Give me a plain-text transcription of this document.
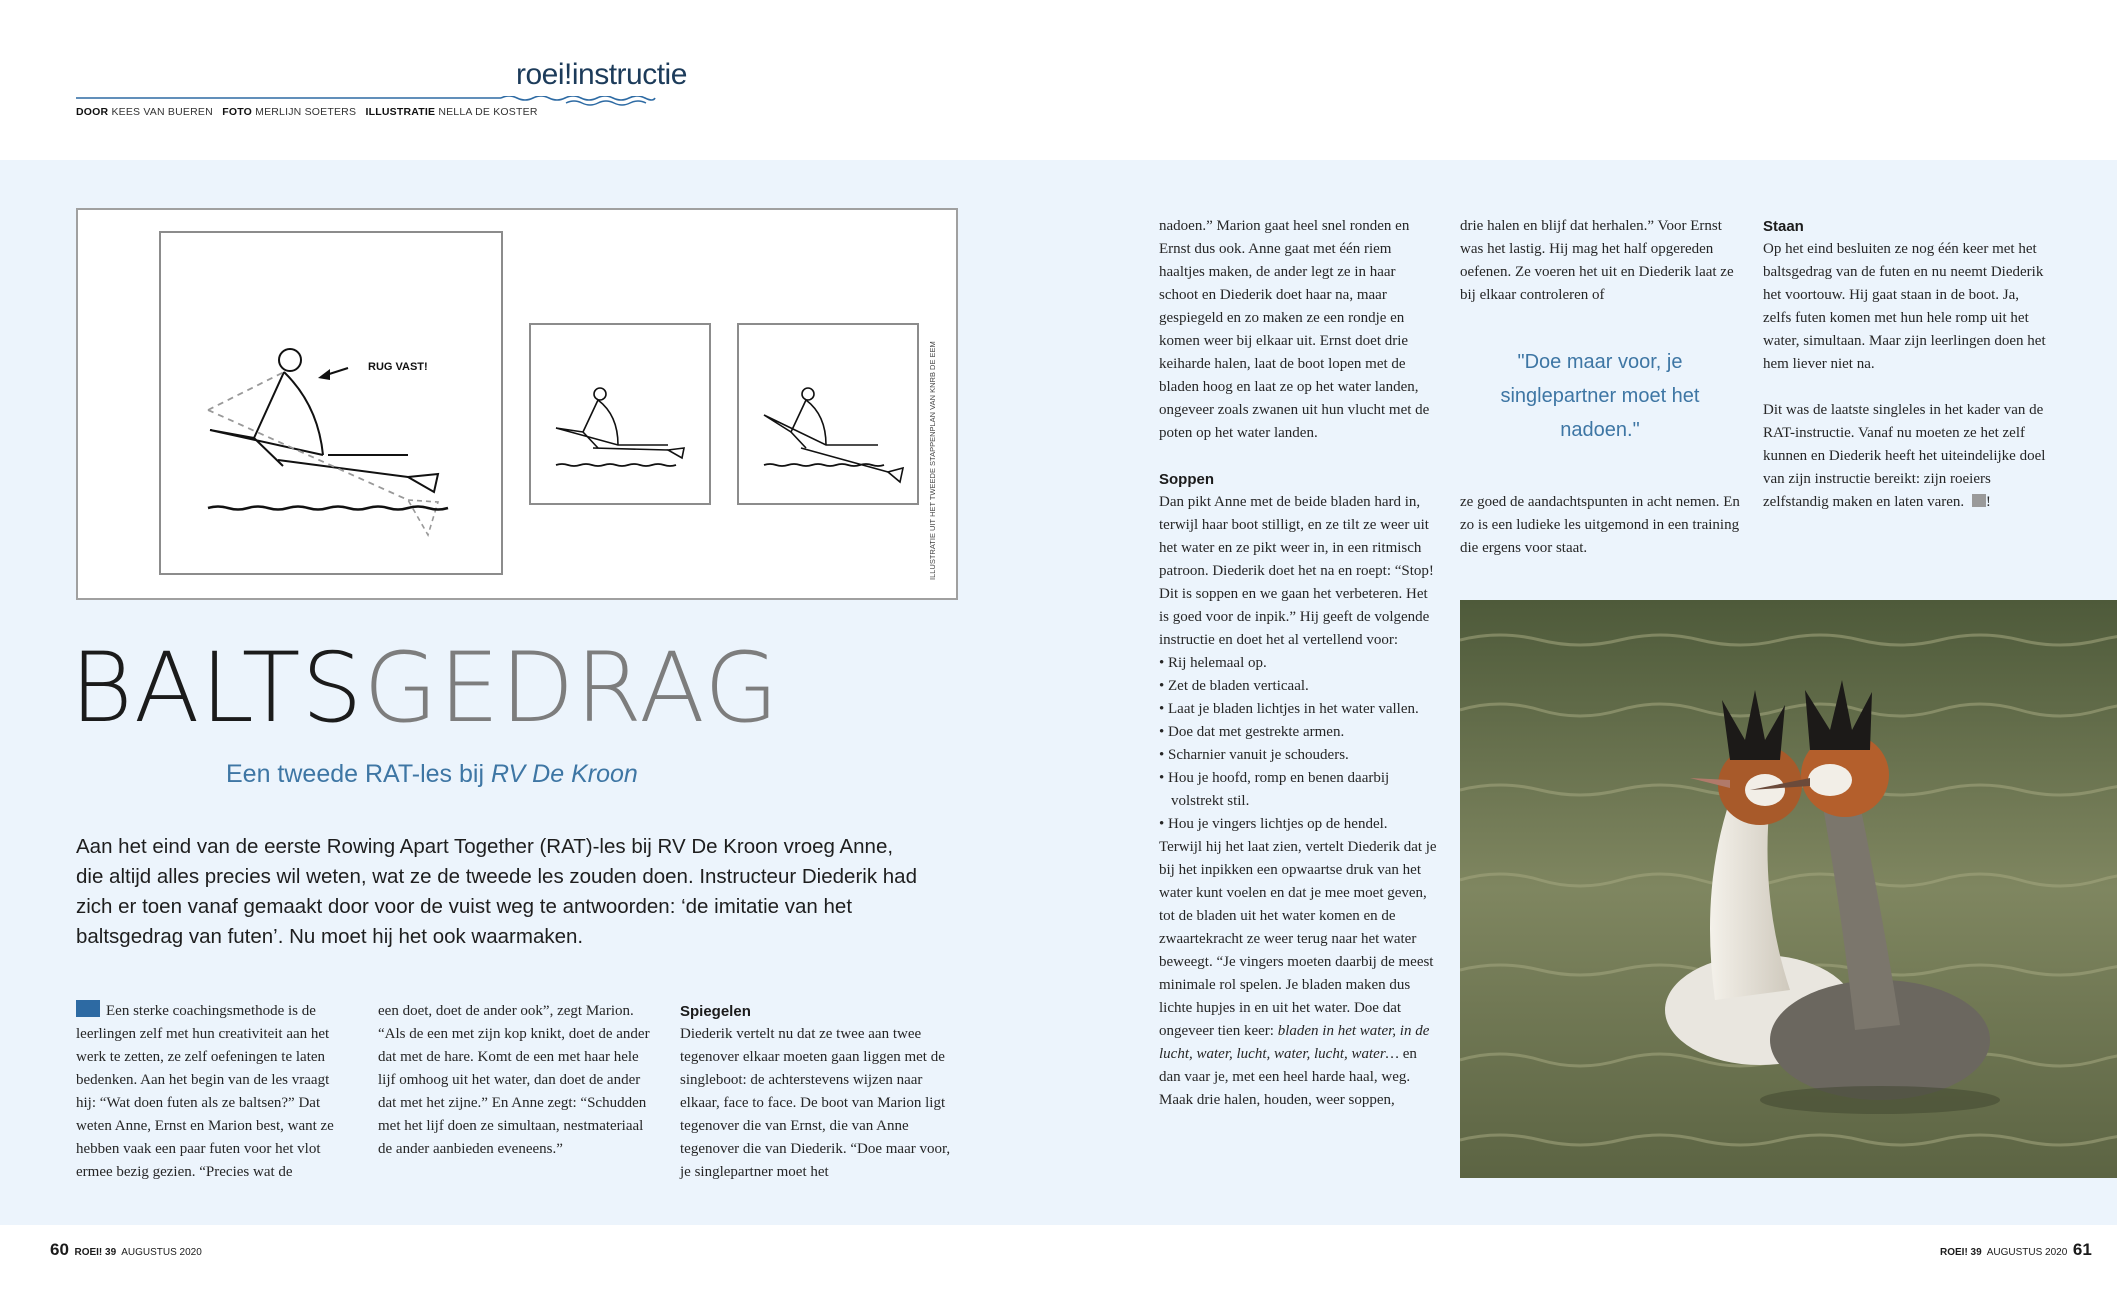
roei!instructie
DOOR KEES VAN BUEREN FOTO MERLIJN SOETERS ILLUSTRATIE NELLA DE KOSTER
RUG VAST!	ILLUSTRATIE UIT HET TWEEDE STAPPENPLAN VAN KNRB DE EEM
BALTSGEDRAG
Een tweede RAT-les bij RV De Kroon
Aan het eind van de eerste Rowing Apart Together (RAT)-les bij RV De Kroon vroeg Anne, die altijd alles precies wil weten, wat ze de tweede les zouden doen. Instructeur Diederik had zich er toen vanaf gemaakt door voor de vuist weg te antwoorden: ‘de imitatie van het baltsgedrag van futen’. Nu moet hij het ook waarmaken.

Een sterke coachingsmethode is de leerlingen zelf met hun creativiteit aan het werk te zetten, ze zelf oefeningen te laten bedenken. Aan het begin van de les vraagt hij: “Wat doen futen als ze baltsen?” Dat weten Anne, Ernst en Marion best, want ze hebben vaak een paar futen voor het vlot ermee bezig gezien. “Precies wat de

een doet, doet de ander ook”, zegt Marion. “Als de een met zijn kop knikt, doet de ander dat met de hare. Komt de een met haar hele lijf omhoog uit het water, dan doet de ander dat met het zijne.” En Anne zegt: “Schudden met het lijf doen ze simultaan, nestmateriaal de ander aanbieden eveneens.”

Spiegelen

Diederik vertelt nu dat ze twee aan twee tegenover elkaar moeten gaan liggen met de singleboot: de achterstevens wijzen naar elkaar, face to face. De boot van Marion ligt tegenover die van Ernst, die van Anne tegenover die van Diederik. “Doe maar voor, je singlepartner moet het

nadoen.” Marion gaat heel snel ronden en Ernst dus ook. Anne gaat met één riem haaltjes maken, de ander legt ze in haar schoot en Diederik doet haar na, maar gespiegeld en zo maken ze een rondje en komen weer bij elkaar uit. Ernst doet drie keiharde halen, laat de boot lopen met de bladen hoog en laat ze op het water landen, ongeveer zoals zwanen uit hun vlucht met de poten op het water landen.

Soppen

Dan pikt Anne met de beide bladen hard in, terwijl haar boot stilligt, en ze tilt ze weer uit het water en ze pikt weer in, in een ritmisch patroon. Diederik doet het na en roept: “Stop! Dit is soppen en we gaan het verbeteren. Het is goed voor de inpik.” Hij geeft de volgende instructie en doet het al vertellend voor:

• Rij helemaal op.
• Zet de bladen verticaal.
• Laat je bladen lichtjes in het water vallen.
• Doe dat met gestrekte armen.
• Scharnier vanuit je schouders.
• Hou je hoofd, romp en benen daarbij volstrekt stil.
• Hou je vingers lichtjes op de hendel.

Terwijl hij het laat zien, vertelt Diederik dat je bij het inpikken een opwaartse druk van het water kunt voelen en dat je mee moet geven, tot de bladen uit het water komen en de zwaartekracht ze weer terug naar het water beweegt. “Je vingers moeten daarbij de meest minimale rol spelen. Je bladen maken dus lichte hupjes in en uit het water. Doe dat ongeveer tien keer: bladen in het water, in de lucht, water, lucht, water, lucht, water… en dan vaar je, met een heel harde haal, weg. Maak drie halen, houden, weer soppen,

drie halen en blijf dat herhalen.” Voor Ernst was het lastig. Hij mag het half opgereden oefenen. Ze voeren het uit en Diederik laat ze bij elkaar controleren of

"Doe maar voor, je singlepartner moet het nadoen."

ze goed de aandachtspunten in acht nemen. En zo is een ludieke les uitgemond in een training die ergens voor staat.

Staan

Op het eind besluiten ze nog één keer met het baltsgedrag van de futen en nu neemt Diederik het voortouw. Hij gaat staan in de boot. Ja, zelfs futen komen met hun hele romp uit het water, simultaan. Maar zijn leerlingen doen het hem liever niet na.

Dit was de laatste singleles in het kader van de RAT-instructie. Vanaf nu moeten ze het zelf kunnen en Diederik heeft het uiteindelijke doel van zijn instructie bereikt: zijn roeiers zelfstandig maken en laten varen. !

60 ROEI! 39 AUGUSTUS 2020	ROEI! 39 AUGUSTUS 2020 61
